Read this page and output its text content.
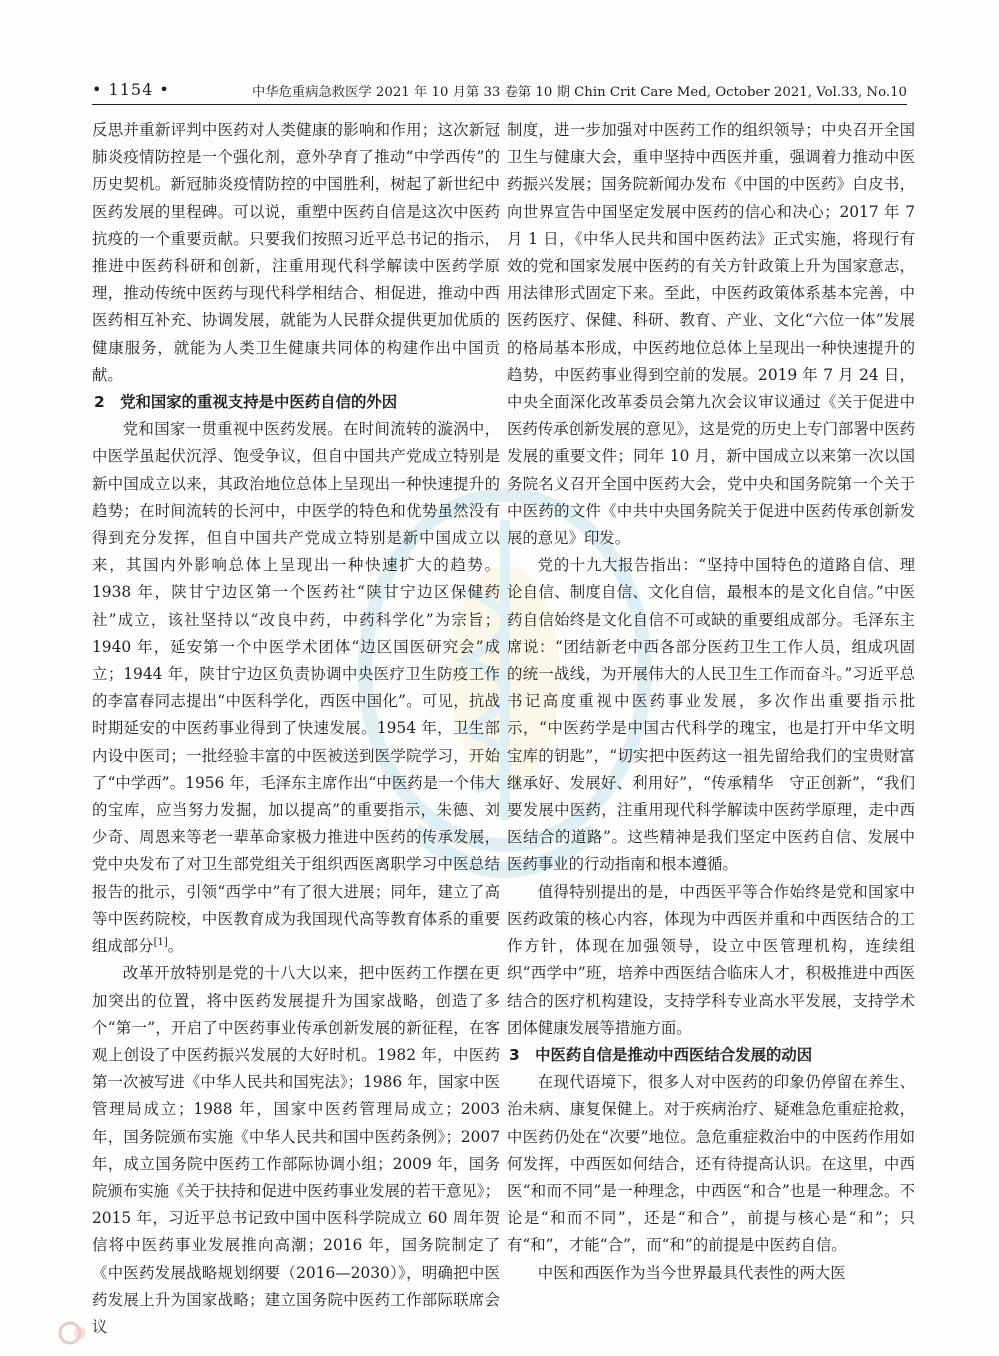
• 1154 •	中华危重病急救医学 2021 年 10 月第 33 卷第 10 期 Chin Crit Care Med, October 2021, Vol.33, No.10

反思并重新评判中医药对人类健康的影响和作用；这次新冠肺炎疫情防控是一个强化剂，意外孕育了推动“中学西传”的历史契机。新冠肺炎疫情防控的中国胜利，树起了新世纪中医药发展的里程碑。可以说，重塑中医药自信是这次中医药抗疫的一个重要贡献。只要我们按照习近平总书记的指示，推进中医药科研和创新，注重用现代科学解读中医药学原理，推动传统中医药与现代科学相结合、相促进，推动中西医药相互补充、协调发展，就能为人民群众提供更加优质的健康服务，就能为人类卫生健康共同体的构建作出中国贡献。

2　党和国家的重视支持是中医药自信的外因

党和国家一贯重视中医药发展。在时间流转的漩涡中，中医学虽起伏沉浮、饱受争议，但自中国共产党成立特别是新中国成立以来，其政治地位总体上呈现出一种快速提升的趋势；在时间流转的长河中，中医学的特色和优势虽然没有得到充分发挥，但自中国共产党成立特别是新中国成立以来，其国内外影响总体上呈现出一种快速扩大的趋势。1938 年，陕甘宁边区第一个医药社“陕甘宁边区保健药社”成立，该社坚持以“改良中药，中药科学化”为宗旨；1940 年，延安第一个中医学术团体“边区国医研究会”成立；1944 年，陕甘宁边区负责协调中央医疗卫生防疫工作的李富春同志提出“中医科学化，西医中国化”。可见，抗战时期延安的中医药事业得到了快速发展。1954 年，卫生部内设中医司；一批经验丰富的中医被送到医学院学习，开始了“中学西”。1956 年，毛泽东主席作出“中医药是一个伟大的宝库，应当努力发掘，加以提高”的重要指示，朱德、刘少奇、周恩来等老一辈革命家极力推进中医药的传承发展，党中央发布了对卫生部党组关于组织西医离职学习中医总结报告的批示，引领“西学中”有了很大进展；同年，建立了高等中医药院校，中医教育成为我国现代高等教育体系的重要组成部分[1]。

改革开放特别是党的十八大以来，把中医药工作摆在更加突出的位置，将中医药发展提升为国家战略，创造了多个“第一”，开启了中医药事业传承创新发展的新征程，在客观上创设了中医药振兴发展的大好时机。1982 年，中医药第一次被写进《中华人民共和国宪法》；1986 年，国家中医管理局成立；1988 年，国家中医药管理局成立；2003 年，国务院颁布实施《中华人民共和国中医药条例》；2007 年，成立国务院中医药工作部际协调小组；2009 年，国务院颁布实施《关于扶持和促进中医药事业发展的若干意见》；2015 年，习近平总书记致中国中医科学院成立 60 周年贺信将中医药事业发展推向高潮；2016 年，国务院制定了《中医药发展战略规划纲要（2016—2030）》，明确把中医药发展上升为国家战略；建立国务院中医药工作部际联席会议

制度，进一步加强对中医药工作的组织领导；中央召开全国卫生与健康大会，重申坚持中西医并重，强调着力推动中医药振兴发展；国务院新闻办发布《中国的中医药》白皮书，向世界宣告中国坚定发展中医药的信心和决心；2017 年 7 月 1 日，《中华人民共和国中医药法》正式实施，将现行有效的党和国家发展中医药的有关方针政策上升为国家意志，用法律形式固定下来。至此，中医药政策体系基本完善，中医药医疗、保健、科研、教育、产业、文化“六位一体”发展的格局基本形成，中医药地位总体上呈现出一种快速提升的趋势，中医药事业得到空前的发展。2019 年 7 月 24 日，中央全面深化改革委员会第九次会议审议通过《关于促进中医药传承创新发展的意见》，这是党的历史上专门部署中医药发展的重要文件；同年 10 月，新中国成立以来第一次以国务院名义召开全国中医药大会，党中央和国务院第一个关于中医药的文件《中共中央国务院关于促进中医药传承创新发展的意见》印发。

党的十九大报告指出：“坚持中国特色的道路自信、理论自信、制度自信、文化自信，最根本的是文化自信。”中医药自信始终是文化自信不可或缺的重要组成部分。毛泽东主席说：“团结新老中西各部分医药卫生工作人员，组成巩固的统一战线，为开展伟大的人民卫生工作而奋斗。”习近平总书记高度重视中医药事业发展，多次作出重要指示批示，“中医药学是中国古代科学的瑰宝，也是打开中华文明宝库的钥匙”，“切实把中医药这一祖先留给我们的宝贵财富继承好、发展好、利用好”，“传承精华　守正创新”，“我们要发展中医药，注重用现代科学解读中医药学原理，走中西医结合的道路”。这些精神是我们坚定中医药自信、发展中医药事业的行动指南和根本遵循。

值得特别提出的是，中西医平等合作始终是党和国家中医药政策的核心内容，体现为中西医并重和中西医结合的工作方针，体现在加强领导，设立中医管理机构，连续组织“西学中”班，培养中西医结合临床人才，积极推进中西医结合的医疗机构建设，支持学科专业高水平发展，支持学术团体健康发展等措施方面。

3　中医药自信是推动中西医结合发展的动因

在现代语境下，很多人对中医药的印象仍停留在养生、治未病、康复保健上。对于疾病治疗、疑难急危重症抢救，中医药仍处在“次要”地位。急危重症救治中的中医药作用如何发挥，中西医如何结合，还有待提高认识。在这里，中西医“和而不同”是一种理念，中西医“和合”也是一种理念。不论是“和而不同”，还是“和合”，前提与核心是“和”；只有“和”，才能“合”，而“和”的前提是中医药自信。

中医和西医作为当今世界最具代表性的两大医
